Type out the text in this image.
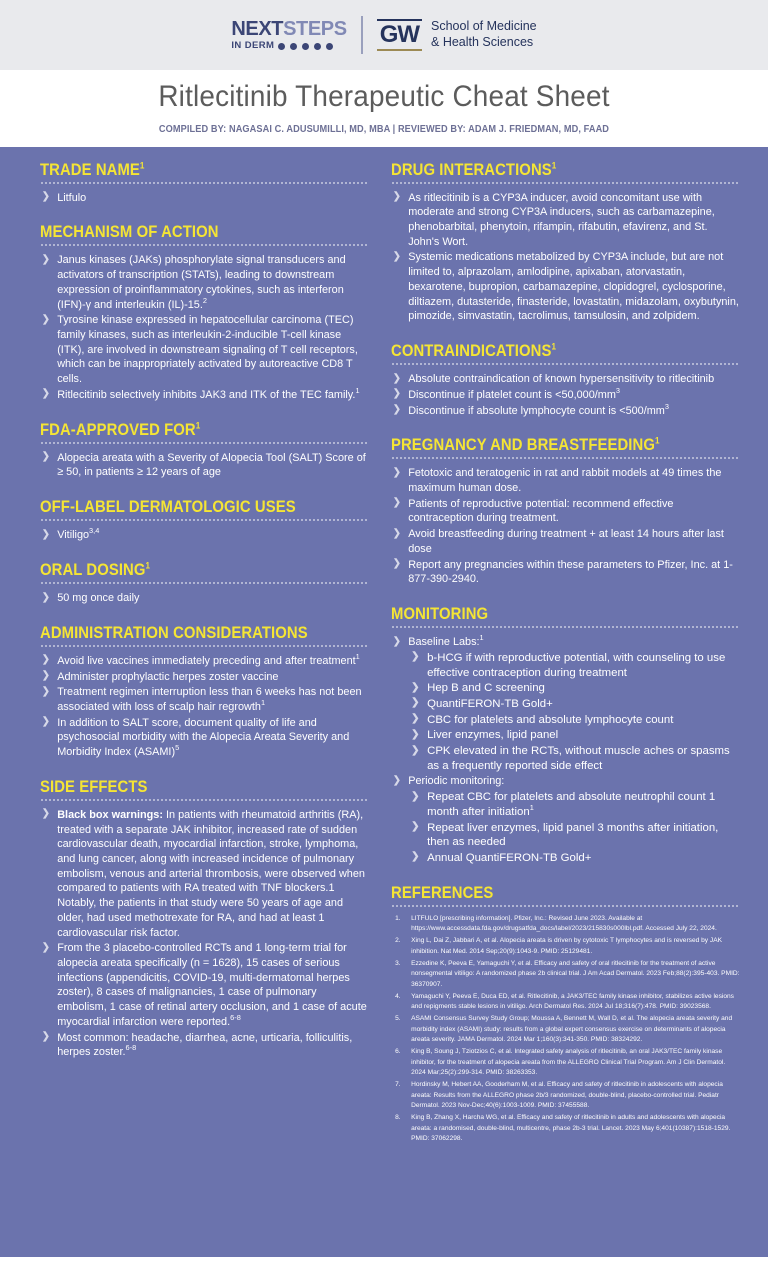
NEXTSTEPS
IN DERM	GW School of Medicine
& Health Sciences
Ritlecitinib Therapeutic Cheat Sheet
COMPILED BY: NAGASAI C. ADUSUMILLI, MD, MBA | REVIEWED BY: ADAM J. FRIEDMAN, MD, FAAD
TRADE NAME$^1$
❯ Litfulo
MECHANISM OF ACTION
❯ Janus kinases (JAKs) phosphorylate signal transducers and activators of transcription (STATs), leading to downstream expression of proinflammatory cytokines, such as interferon (IFN)-γ and interleukin (IL)-15.$^2$
❯ Tyrosine kinase expressed in hepatocellular carcinoma (TEC) family kinases, such as interleukin-2-inducible T-cell kinase (ITK), are involved in downstream signaling of T cell receptors, which can be inappropriately activated by autoreactive CD8 T cells.
❯ Ritlecitinib selectively inhibits JAK3 and ITK of the TEC family.$^1$
FDA-APPROVED FOR$^1$
❯ Alopecia areata with a Severity of Alopecia Tool (SALT) Score of ≥ 50, in patients ≥ 12 years of age
OFF-LABEL DERMATOLOGIC USES
❯ Vitiligo$^{3,4}$
ORAL DOSING$^1$
❯ 50 mg once daily
ADMINISTRATION CONSIDERATIONS
❯ Avoid live vaccines immediately preceding and after treatment$^1$
❯ Administer prophylactic herpes zoster vaccine
❯ Treatment regimen interruption less than 6 weeks has not been associated with loss of scalp hair regrowth$^1$
❯ In addition to SALT score, document quality of life and psychosocial morbidity with the Alopecia Areata Severity and Morbidity Index (ASAMI)$^5$
SIDE EFFECTS
❯ Black box warnings: In patients with rheumatoid arthritis (RA), treated with a separate JAK inhibitor, increased rate of sudden cardiovascular death, myocardial infarction, stroke, lymphoma, and lung cancer, along with increased incidence of pulmonary embolism, venous and arterial thrombosis, were observed when compared to patients with RA treated with TNF blockers.1 Notably, the patients in that study were 50 years of age and older, had used methotrexate for RA, and had at least 1 cardiovascular risk factor.
❯ From the 3 placebo-controlled RCTs and 1 long-term trial for alopecia areata specifically (n = 1628), 15 cases of serious infections (appendicitis, COVID-19, multi-dermatomal herpes zoster), 8 cases of malignancies, 1 case of pulmonary embolism, 1 case of retinal artery occlusion, and 1 case of acute myocardial infarction were reported.$^{6-8}$
❯ Most common: headache, diarrhea, acne, urticaria, folliculitis, herpes zoster.$^{6-8}$
DRUG INTERACTIONS$^1$
❯ As ritlecitinib is a CYP3A inducer, avoid concomitant use with moderate and strong CYP3A inducers, such as carbamazepine, phenobarbital, phenytoin, rifampin, rifabutin, efavirenz, and St. John's Wort.
❯ Systemic medications metabolized by CYP3A include, but are not limited to, alprazolam, amlodipine, apixaban, atorvastatin, bexarotene, bupropion, carbamazepine, clopidogrel, cyclosporine, diltiazem, dutasteride, finasteride, lovastatin, midazolam, oxybutynin, pimozide, simvastatin, tacrolimus, tamsulosin, and zolpidem.
CONTRAINDICATIONS$^1$
❯ Absolute contraindication of known hypersensitivity to ritlecitinib
❯ Discontinue if platelet count is $<50,000/mm^3$
❯ Discontinue if absolute lymphocyte count is $<500/mm^3$
PREGNANCY AND BREASTFEEDING$^1$
❯ Fetotoxic and teratogenic in rat and rabbit models at 49 times the maximum human dose.
❯ Patients of reproductive potential: recommend effective contraception during treatment.
❯ Avoid breastfeeding during treatment + at least 14 hours after last dose
❯ Report any pregnancies within these parameters to Pfizer, Inc. at 1-877-390-2940.
MONITORING
❯ Baseline Labs:$^1$
❯ b-HCG if with reproductive potential, with counseling to use effective contraception during treatment
❯ Hep B and C screening
❯ QuantiFERON-TB Gold+
❯ CBC for platelets and absolute lymphocyte count
❯ Liver enzymes, lipid panel
❯ CPK elevated in the RCTs, without muscle aches or spasms as a frequently reported side effect
❯ Periodic monitoring:
❯ Repeat CBC for platelets and absolute neutrophil count 1 month after initiation$^1$
❯ Repeat liver enzymes, lipid panel 3 months after initiation, then as needed
❯ Annual QuantiFERON-TB Gold+
REFERENCES
LITFULO [prescribing information]. Pfizer, Inc.: Revised June 2023. Available at https://www.accessdata.fda.gov/drugsatfda_docs/label/2023/215830s000lbl.pdf. Accessed July 22, 2024.
Xing L, Dai Z, Jabbari A, et al. Alopecia areata is driven by cytotoxic T lymphocytes and is reversed by JAK inhibition. Nat Med. 2014 Sep;20(9):1043-9. PMID: 25129481.
Ezzedine K, Peeva E, Yamaguchi Y, et al. Efficacy and safety of oral ritlecitinib for the treatment of active nonsegmental vitiligo: A randomized phase 2b clinical trial. J Am Acad Dermatol. 2023 Feb;88(2):395-403. PMID: 36370907.
Yamaguchi Y, Peeva E, Duca ED, et al. Ritlecitinib, a JAK3/TEC family kinase inhibitor, stabilizes active lesions and repigments stable lesions in vitiligo. Arch Dermatol Res. 2024 Jul 18;316(7):478. PMID: 39023568.
ASAMI Consensus Survey Study Group; Moussa A, Bennett M, Wall D, et al. The alopecia areata severity and morbidity index (ASAMI) study: results from a global expert consensus exercise on determinants of alopecia areata severity. JAMA Dermatol. 2024 Mar 1;160(3):341-350. PMID: 38324292.
King B, Soung J, Tziotzios C, et al. Integrated safety analysis of ritlecitinib, an oral JAK3/TEC family kinase inhibitor, for the treatment of alopecia areata from the ALLEGRO Clinical Trial Program. Am J Clin Dermatol. 2024 Mar;25(2):299-314. PMID: 38263353.
Hordinsky M, Hebert AA, Gooderham M, et al. Efficacy and safety of ritlecitinib in adolescents with alopecia areata: Results from the ALLEGRO phase 2b/3 randomized, double-blind, placebo-controlled trial. Pediatr Dermatol. 2023 Nov-Dec;40(6):1003-1009. PMID: 37455588.
King B, Zhang X, Harcha WG, et al. Efficacy and safety of ritlecitinib in adults and adolescents with alopecia areata: a randomised, double-blind, multicentre, phase 2b-3 trial. Lancet. 2023 May 6;401(10387):1518-1529. PMID: 37062298.
